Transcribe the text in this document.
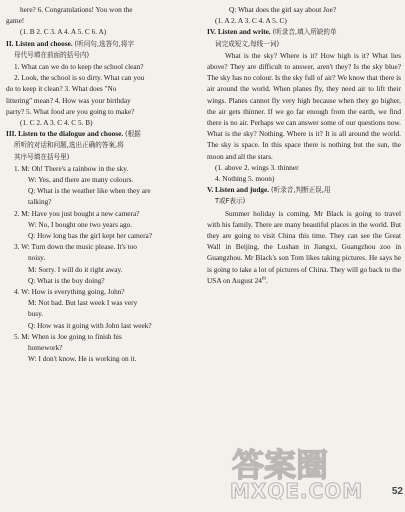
here? 6. Congratulations! You won the
game!
(1. B 2. C 3. A 4. A 5. C 6. A)
II. Listen and choose. (听问句,选答句,将字
母代号填在前面的括号内)
1. What can we do to keep the school clean?
2. Look, the school is so dirty. What can you
do to keep it clean? 3. What does "No
littering" mean? 4. How was your birthday
party? 5. What food are you going to make?
(1. C 2. A 3. C 4. C 5. B)
III. Listen to the dialogue and choose. (根据
所听的对话和问题,选出正确的答案,将
其序号填在括号里)
1. M: Oh! There's a rainbow in the sky.
W: Yes, and there are many colours.
Q: What is the weather like when they are
talking?
2. M: Have you just bought a new camera?
W: No, I bought one two years ago.
Q: How long has the girl kept her camera?
3. W: Turn down the music please. It's too
noisy.
M: Sorry. I will do it right away.
Q: What is the boy doing?
4. W: How is everything going, John?
M: Not bad. But last week I was very
busy.
Q: How was it going with John last week?
5. M: When is Joe going to finish his
homework?
W: I don't know. He is working on it.
Q: What does the girl say about Joe?
(1. A 2. A 3. C 4. A 5. C)
IV. Listen and write. (听录音,填入所缺的单
词完成短文,每线一词)
What is the sky? Where is it? How high is it? What lies above? They are difficult to answer, aren't they? Is the sky blue? The sky has no colour. Is the sky full of air? We know that there is air around the world. When planes fly, they need air to lift their wings. Planes cannot fly very high because when they go higher, the air gets thinner. If we go far enough from the earth, we find there is no air. Perhaps we can answer some of our questions now. What is the sky? Nothing. Where is it? It is all around the world. The sky is space. In this space there is nothing but the sun, the moon and all the stars.
(1. above 2. wings 3. thinner
4. Nothing 5. moon)
V. Listen and judge. (听录音,判断正误,用
T或F表示)
Summer holiday is coming. Mr Black is going to travel with his family. There are many beautiful places in the world. But they are going to visit China this time. They can see the Great Wall in Beijing, the Lushan in Jiangxi, Guangzhou zoo in Guangzhou. Mr Black's son Tom likes taking pictures. He says he is going to take a lot of pictures of China. They will go back to the USA on August 24th.
答案圈
MXQE.COM	52
